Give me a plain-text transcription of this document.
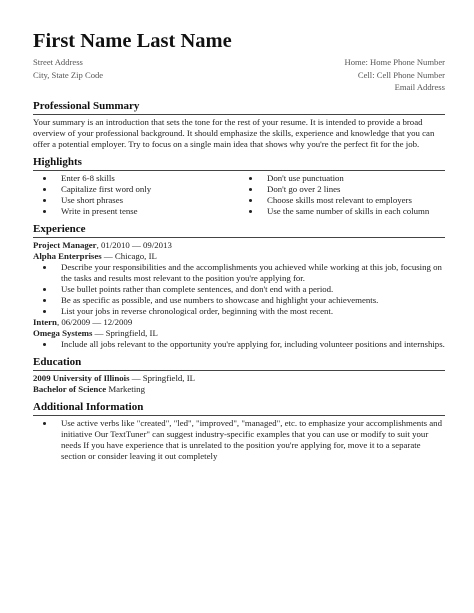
First Name Last Name
Street Address
City, State Zip Code
Home: Home Phone Number
Cell: Cell Phone Number
Email Address
Professional Summary

Your summary is an introduction that sets the tone for the rest of your resume. It is intended to provide a broad overview of your professional background. It should emphasize the skills, experience and knowledge that you can offer a potential employer. Try to focus on a single main idea that shows why you're the perfect fit for the job.

Highlights
• Enter 6-8 skills
• Capitalize first word only
• Use short phrases
• Write in present tense
• Don't use punctuation
• Don't go over 2 lines
• Choose skills most relevant to employers
• Use the same number of skills in each column
Experience
Project Manager, 01/2010 — 09/2013
Alpha Enterprises — Chicago, IL
• Describe your responsibilities and the accomplishments you achieved while working at this job, focusing on the tasks and results most relevant to the position you're applying for.
• Use bullet points rather than complete sentences, and don't end with a period.
• Be as specific as possible, and use numbers to showcase and highlight your achievements.
• List your jobs in reverse chronological order, beginning with the most recent.
Intern, 06/2009 — 12/2009
Omega Systems — Springfield, IL
• Include all jobs relevant to the opportunity you're applying for, including volunteer positions and internships.
Education
2009 University of Illinois — Springfield, IL
Bachelor of Science Marketing
Additional Information
• Use active verbs like "created", "led", "improved", "managed", etc. to emphasize your accomplishments and initiative Our TextTuner" can suggest industry-specific examples that you can use or modify to suit your needs If you have experience that is unrelated to the position you're applying for, move it to a separate section or consider leaving it out completely
